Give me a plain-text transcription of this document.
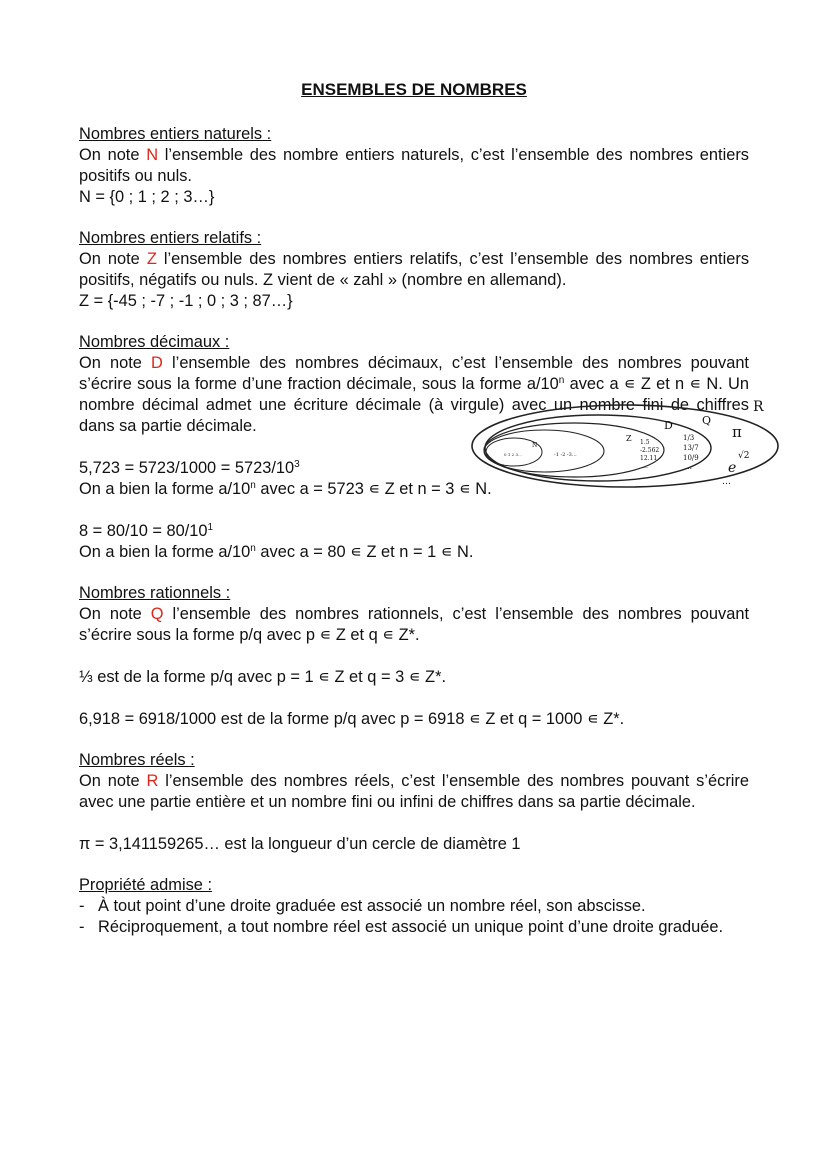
ENSEMBLES DE NOMBRES
Nombres entiers naturels :

On note N l’ensemble des nombre entiers naturels, c’est l’ensemble des nombres entiers positifs ou nuls.

N = {0 ; 1 ; 2 ; 3…}

Nombres entiers relatifs :

On note Z l’ensemble des nombres entiers relatifs, c’est l’ensemble des nombres entiers positifs, négatifs ou nuls. Z vient de « zahl » (nombre en allemand).

Z = {-45 ; -7 ; -1 ; 0 ; 3 ; 87…}

Nombres décimaux :

On note D l’ensemble des nombres décimaux, c’est l’ensemble des nombres pouvant s’écrire sous la forme d’une fraction décimale, sous la forme a/10$^n$ avec a ∊ Z et n ∊ N. Un nombre décimal admet une écriture décimale (à virgule) avec un nombre fini de chiffres dans sa partie décimale.

$5,723 = 5723/1000 = 5723/10^3$

On a bien la forme a/10$^n$ avec a = 5723 ∊ Z et n = 3 ∊ N.

$8 = 80/10 = 80/10^1$

On a bien la forme a/10$^n$ avec a = 80 ∊ Z et n = 1 ∊ N.

Nombres rationnels :

On note Q l’ensemble des nombres rationnels, c’est l’ensemble des nombres pouvant s’écrire sous la forme p/q avec p ∊ Z et q ∊ Z*.

⅓ est de la forme p/q avec p = 1 ∊ Z et q = 3 ∊ Z*.

6,918 = 6918/1000 est de la forme p/q avec p = 6918 ∊ Z et q = 1000 ∊ Z*.

Nombres réels :

On note R l’ensemble des nombres réels, c’est l’ensemble des nombres pouvant s’écrire avec une partie entière et un nombre fini ou infini de chiffres dans sa partie décimale.

π = 3,141159265… est la longueur d’un cercle de diamètre 1

Propriété admise :
- À tout point d’une droite graduée est associé un nombre réel, son abscisse.
- Réciproquement, a tout nombre réel est associé un unique point d’une droite graduée.
R
Q
D
Z
N
0 1 2 3…	-1 -2 -3…
1.5
-2.562
12.11
…
1/3
13/7
10/9
…
π
√2
e
…
